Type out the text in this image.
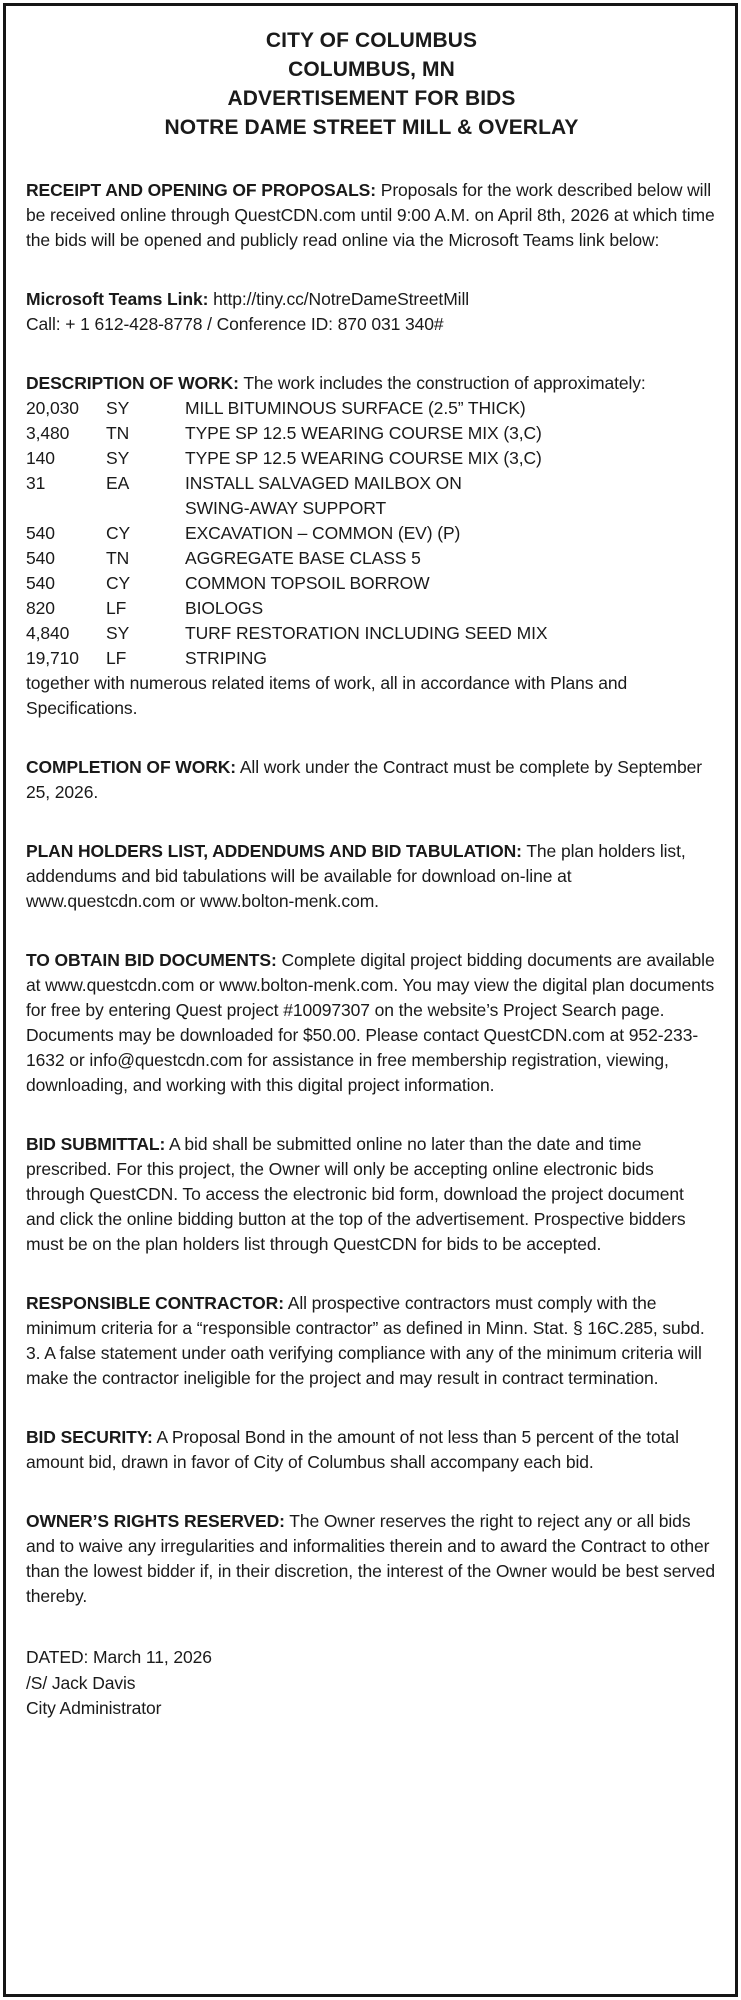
CITY OF COLUMBUS
COLUMBUS, MN
ADVERTISEMENT FOR BIDS
NOTRE DAME STREET MILL & OVERLAY

RECEIPT AND OPENING OF PROPOSALS: Proposals for the work described below will be received online through QuestCDN.com until 9:00 A.M. on April 8th, 2026 at which time the bids will be opened and publicly read online via the Microsoft Teams link below:

Microsoft Teams Link: http://tiny.cc/NotreDameStreetMill
Call: + 1 612-428-8778 / Conference ID: 870 031 340#

DESCRIPTION OF WORK: The work includes the construction of approximately:

20,030	SY	MILL BITUMINOUS SURFACE (2.5” THICK)
3,480	TN	TYPE SP 12.5 WEARING COURSE MIX (3,C)
140	SY	TYPE SP 12.5 WEARING COURSE MIX (3,C)
31	EA	INSTALL SALVAGED MAILBOX ON
SWING-AWAY SUPPORT
540	CY	EXCAVATION – COMMON (EV) (P)
540	TN	AGGREGATE BASE CLASS 5
540	CY	COMMON TOPSOIL BORROW
820	LF	BIOLOGS
4,840	SY	TURF RESTORATION INCLUDING SEED MIX
19,710	LF	STRIPING

together with numerous related items of work, all in accordance with Plans and Specifications.

COMPLETION OF WORK: All work under the Contract must be complete by September 25, 2026.

PLAN HOLDERS LIST, ADDENDUMS AND BID TABULATION: The plan holders list, addendums and bid tabulations will be available for download on-line at www.questcdn.com or www.bolton-menk.com.

TO OBTAIN BID DOCUMENTS: Complete digital project bidding documents are available at www.questcdn.com or www.bolton-menk.com. You may view the digital plan documents for free by entering Quest project #10097307 on the website’s Project Search page. Documents may be downloaded for $50.00. Please contact QuestCDN.com at 952-233-1632 or info@questcdn.com for assistance in free membership registration, viewing, downloading, and working with this digital project information.

BID SUBMITTAL: A bid shall be submitted online no later than the date and time prescribed. For this project, the Owner will only be accepting online electronic bids through QuestCDN. To access the electronic bid form, download the project document and click the online bidding button at the top of the advertisement. Prospective bidders must be on the plan holders list through QuestCDN for bids to be accepted.

RESPONSIBLE CONTRACTOR: All prospective contractors must comply with the minimum criteria for a “responsible contractor” as defined in Minn. Stat. § 16C.285, subd. 3. A false statement under oath verifying compliance with any of the minimum criteria will make the contractor ineligible for the project and may result in contract termination.

BID SECURITY: A Proposal Bond in the amount of not less than 5 percent of the total amount bid, drawn in favor of City of Columbus shall accompany each bid.

OWNER’S RIGHTS RESERVED: The Owner reserves the right to reject any or all bids and to waive any irregularities and informalities therein and to award the Contract to other than the lowest bidder if, in their discretion, the interest of the Owner would be best served thereby.

DATED: March 11, 2026
/S/ Jack Davis
City Administrator
